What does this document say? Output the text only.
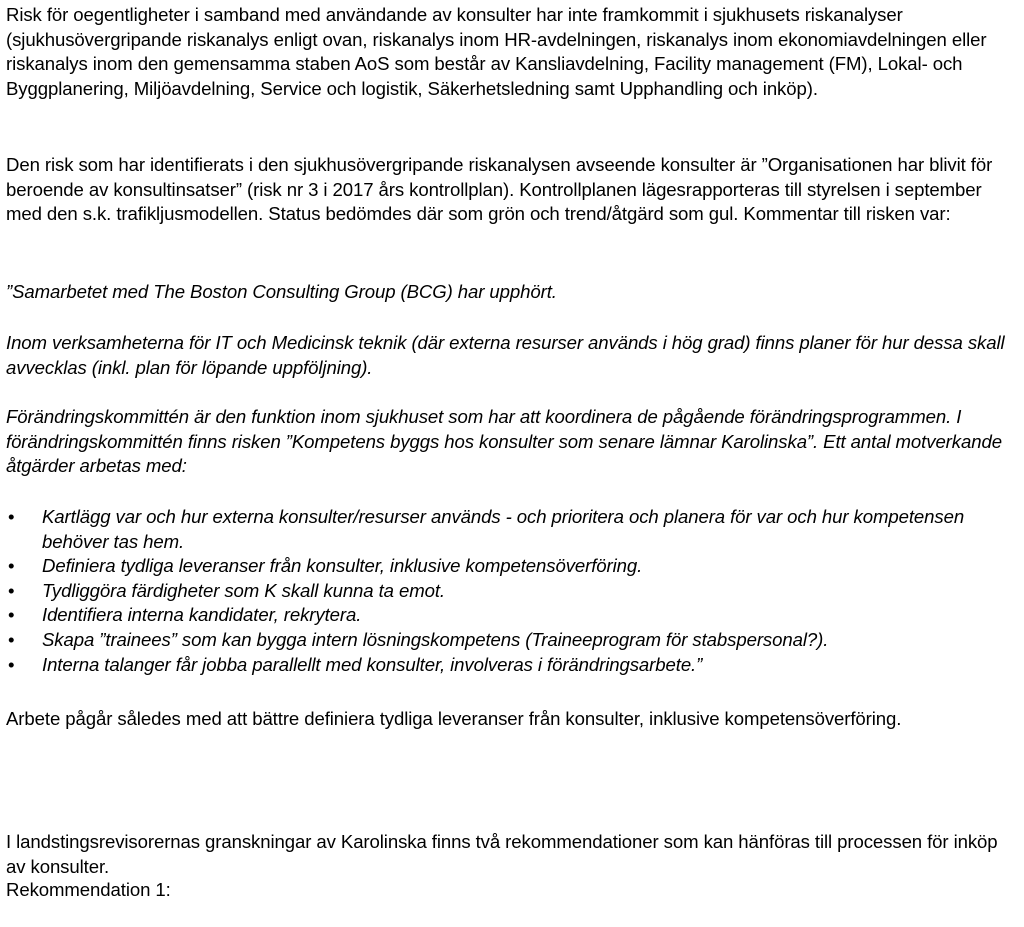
Risk för oegentligheter i samband med användande av konsulter har inte framkommit i sjukhusets riskanalyser (sjukhusövergripande riskanalys enligt ovan, riskanalys inom HR-avdelningen, riskanalys inom ekonomiavdelningen eller riskanalys inom den gemensamma staben AoS som består av Kansliavdelning, Facility management (FM), Lokal- och Byggplanering, Miljöavdelning, Service och logistik, Säkerhetsledning samt Upphandling och inköp).

Den risk som har identifierats i den sjukhusövergripande riskanalysen avseende konsulter är ”Organisationen har blivit för beroende av konsultinsatser” (risk nr 3 i 2017 års kontrollplan). Kontrollplanen lägesrapporteras till styrelsen i september med den s.k. trafikljusmodellen. Status bedömdes där som grön och trend/åtgärd som gul. Kommentar till risken var:

”Samarbetet med The Boston Consulting Group (BCG) har upphört.

Inom verksamheterna för IT och Medicinsk teknik (där externa resurser används i hög grad) finns planer för hur dessa skall avvecklas (inkl. plan för löpande uppföljning).

Förändringskommittén är den funktion inom sjukhuset som har att koordinera de pågående förändringsprogrammen. I förändringskommittén finns risken ”Kompetens byggs hos konsulter som senare lämnar Karolinska”. Ett antal motverkande åtgärder arbetas med:

• Kartlägg var och hur externa konsulter/resurser används - och prioritera och planera för var och hur kompetensen behöver tas hem.
• Definiera tydliga leveranser från konsulter, inklusive kompetensöverföring.
• Tydliggöra färdigheter som K skall kunna ta emot.
• Identifiera interna kandidater, rekrytera.
• Skapa ”trainees” som kan bygga intern lösningskompetens (Traineeprogram för stabspersonal?).
• Interna talanger får jobba parallellt med konsulter, involveras i förändringsarbete.”

Arbete pågår således med att bättre definiera tydliga leveranser från konsulter, inklusive kompetensöverföring.

I landstingsrevisorernas granskningar av Karolinska finns två rekommendationer som kan hänföras till processen för inköp av konsulter.

Rekommendation 1:
